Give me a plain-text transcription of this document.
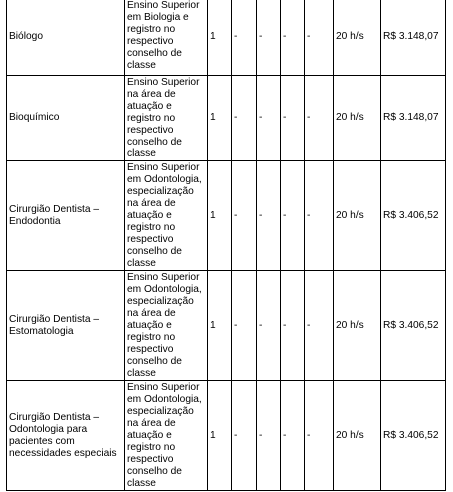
Biólogo	Ensino Superior em Biologia e registro no respectivo conselho de classe	1	-	-	-	-	20 h/s	R$ 3.148,07
Bioquímico	Ensino Superior na área de atuação e registro no respectivo conselho de classe	1	-	-	-	-	20 h/s	R$ 3.148,07
Cirurgião Dentista – Endodontia	Ensino Superior em Odontologia, especialização na área de atuação e registro no respectivo conselho de classe	1	-	-	-	-	20 h/s	R$ 3.406,52
Cirurgião Dentista – Estomatologia	Ensino Superior em Odontologia, especialização na área de atuação e registro no respectivo conselho de classe	1	-	-	-	-	20 h/s	R$ 3.406,52
Cirurgião Dentista – Odontologia para pacientes com necessidades especiais	Ensino Superior em Odontologia, especialização na área de atuação e registro no respectivo conselho de classe	1	-	-	-	-	20 h/s	R$ 3.406,52
